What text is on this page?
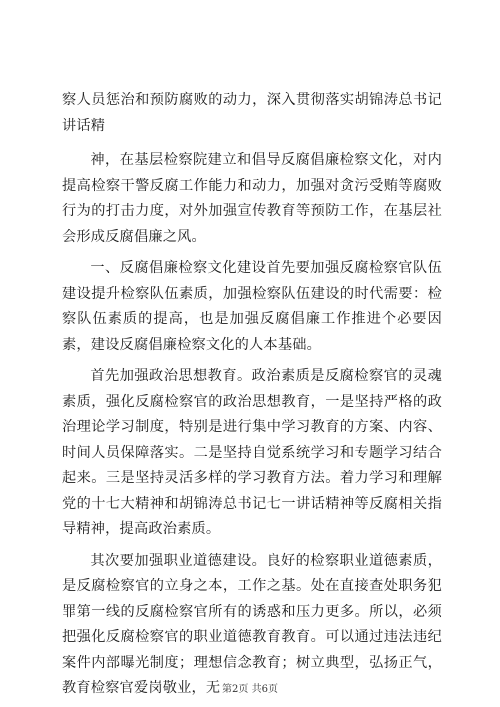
察人员惩治和预防腐败的动力，深入贯彻落实胡锦涛总书记讲话精

神，在基层检察院建立和倡导反腐倡廉检察文化，对内提高检察干警反腐工作能力和动力，加强对贪污受贿等腐败行为的打击力度，对外加强宣传教育等预防工作，在基层社会形成反腐倡廉之风。

一、反腐倡廉检察文化建设首先要加强反腐检察官队伍建设提升检察队伍素质，加强检察队伍建设的时代需要：检察队伍素质的提高，也是加强反腐倡廉工作推进个必要因素，建设反腐倡廉检察文化的人本基础。

首先加强政治思想教育。政治素质是反腐检察官的灵魂素质，强化反腐检察官的政治思想教育，一是坚持严格的政治理论学习制度，特别是进行集中学习教育的方案、内容、时间人员保障落实。二是坚持自觉系统学习和专题学习结合起来。三是坚持灵活多样的学习教育方法。着力学习和理解党的十七大精神和胡锦涛总书记七一讲话精神等反腐相关指导精神，提高政治素质。

其次要加强职业道德建设。良好的检察职业道德素质，是反腐检察官的立身之本，工作之基。处在直接查处职务犯罪第一线的反腐检察官所有的诱惑和压力更多。所以，必须把强化反腐检察官的职业道德教育教育。可以通过违法违纪案件内部曝光制度；理想信念教育；树立典型，弘扬正气，教育检察官爱岗敬业，无 第2页 共6页
